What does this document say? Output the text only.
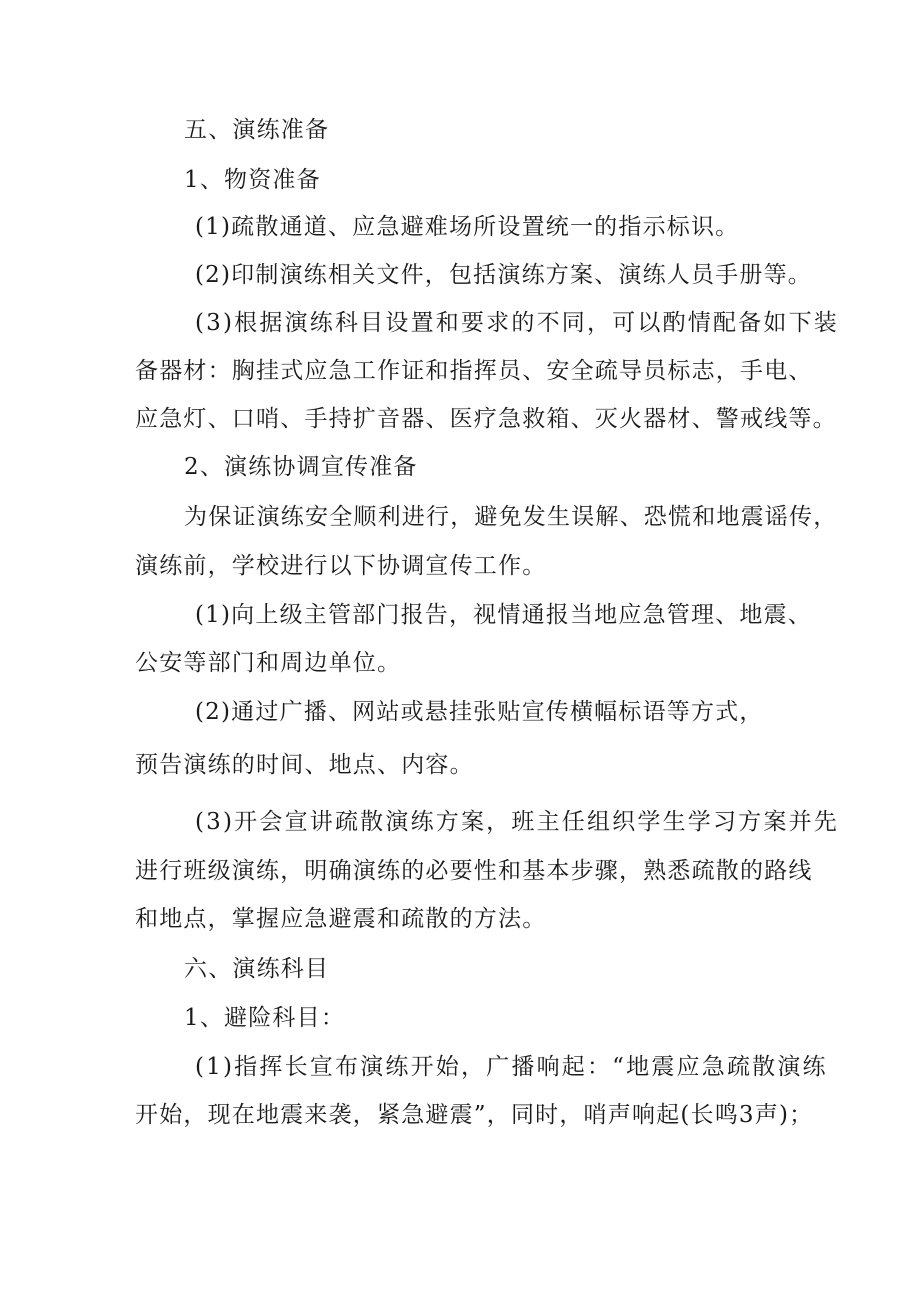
五、演练准备
1、物资准备
(1)疏散通道、应急避难场所设置统一的指示标识。
(2)印制演练相关文件，包括演练方案、演练人员手册等。
(3)根据演练科目设置和要求的不同，可以酌情配备如下装
备器材：胸挂式应急工作证和指挥员、安全疏导员标志，手电、
应急灯、口哨、手持扩音器、医疗急救箱、灭火器材、警戒线等。
2、演练协调宣传准备
为保证演练安全顺利进行，避免发生误解、恐慌和地震谣传，
演练前，学校进行以下协调宣传工作。
(1)向上级主管部门报告，视情通报当地应急管理、地震、
公安等部门和周边单位。
(2)通过广播、网站或悬挂张贴宣传横幅标语等方式，
预告演练的时间、地点、内容。
(3)开会宣讲疏散演练方案，班主任组织学生学习方案并先
进行班级演练，明确演练的必要性和基本步骤，熟悉疏散的路线
和地点，掌握应急避震和疏散的方法。
六、演练科目
1、避险科目：
(1)指挥长宣布演练开始，广播响起：“地震应急疏散演练
开始，现在地震来袭，紧急避震”，同时，哨声响起(长鸣3声)；
